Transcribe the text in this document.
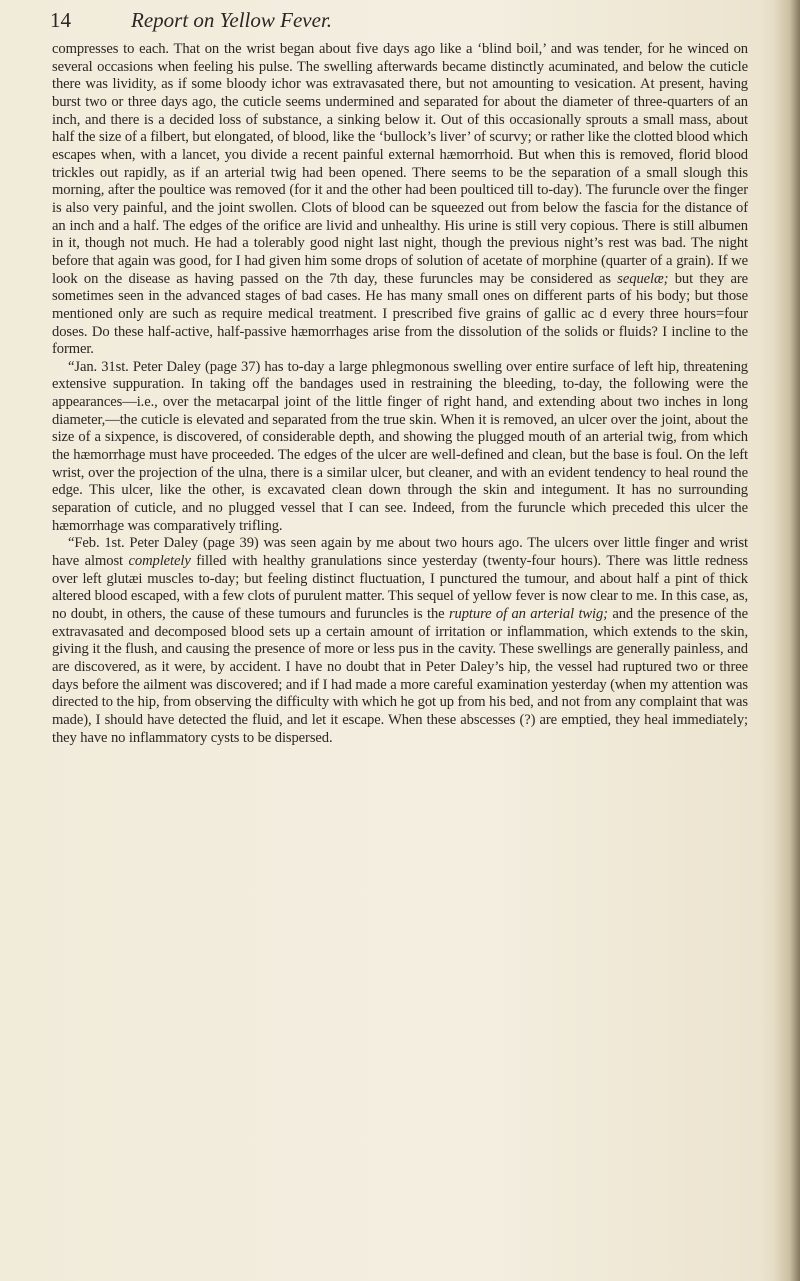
14	Report on Yellow Fever.

compresses to each. That on the wrist began about five days ago like a ‘blind boil,’ and was tender, for he winced on several occasions when feeling his pulse. The swelling afterwards became distinctly acuminated, and below the cuticle there was lividity, as if some bloody ichor was extravasated there, but not amounting to vesication. At present, having burst two or three days ago, the cuticle seems undermined and separated for about the diameter of three-quarters of an inch, and there is a decided loss of substance, a sinking below it. Out of this occasionally sprouts a small mass, about half the size of a filbert, but elongated, of blood, like the ‘bullock’s liver’ of scurvy; or rather like the clotted blood which escapes when, with a lancet, you divide a recent painful external hæmorrhoid. But when this is removed, florid blood trickles out rapidly, as if an arterial twig had been opened. There seems to be the separation of a small slough this morning, after the poultice was removed (for it and the other had been poulticed till to-day). The furuncle over the finger is also very painful, and the joint swollen. Clots of blood can be squeezed out from below the fascia for the distance of an inch and a half. The edges of the orifice are livid and unhealthy. His urine is still very copious. There is still albumen in it, though not much. He had a tolerably good night last night, though the previous night’s rest was bad. The night before that again was good, for I had given him some drops of solution of acetate of morphine (quarter of a grain). If we look on the disease as having passed on the 7th day, these furuncles may be considered as sequelæ; but they are sometimes seen in the advanced stages of bad cases. He has many small ones on different parts of his body; but those mentioned only are such as require medical treatment. I prescribed five grains of gallic ac d every three hours=four doses. Do these half-active, half-passive hæmorrhages arise from the dissolution of the solids or fluids? I incline to the former.

“Jan. 31st. Peter Daley (page 37) has to-day a large phlegmonous swelling over entire surface of left hip, threatening extensive suppuration. In taking off the bandages used in restraining the bleeding, to-day, the following were the appearances—i.e., over the metacarpal joint of the little finger of right hand, and extending about two inches in long diameter,—the cuticle is elevated and separated from the true skin. When it is removed, an ulcer over the joint, about the size of a sixpence, is discovered, of considerable depth, and showing the plugged mouth of an arterial twig, from which the hæmorrhage must have proceeded. The edges of the ulcer are well-defined and clean, but the base is foul. On the left wrist, over the projection of the ulna, there is a similar ulcer, but cleaner, and with an evident tendency to heal round the edge. This ulcer, like the other, is excavated clean down through the skin and integument. It has no surrounding separation of cuticle, and no plugged vessel that I can see. Indeed, from the furuncle which preceded this ulcer the hæmorrhage was comparatively trifling.

“Feb. 1st. Peter Daley (page 39) was seen again by me about two hours ago. The ulcers over little finger and wrist have almost completely filled with healthy granulations since yesterday (twenty-four hours). There was little redness over left glutæi muscles to-day; but feeling distinct fluctuation, I punctured the tumour, and about half a pint of thick altered blood escaped, with a few clots of purulent matter. This sequel of yellow fever is now clear to me. In this case, as, no doubt, in others, the cause of these tumours and furuncles is the rupture of an arterial twig; and the presence of the extravasated and decomposed blood sets up a certain amount of irritation or inflammation, which extends to the skin, giving it the flush, and causing the presence of more or less pus in the cavity. These swellings are generally painless, and are discovered, as it were, by accident. I have no doubt that in Peter Daley’s hip, the vessel had ruptured two or three days before the ailment was discovered; and if I had made a more careful examination yesterday (when my attention was directed to the hip, from observing the difficulty with which he got up from his bed, and not from any complaint that was made), I should have detected the fluid, and let it escape. When these abscesses (?) are emptied, they heal immediately; they have no inflammatory cysts to be dispersed.
